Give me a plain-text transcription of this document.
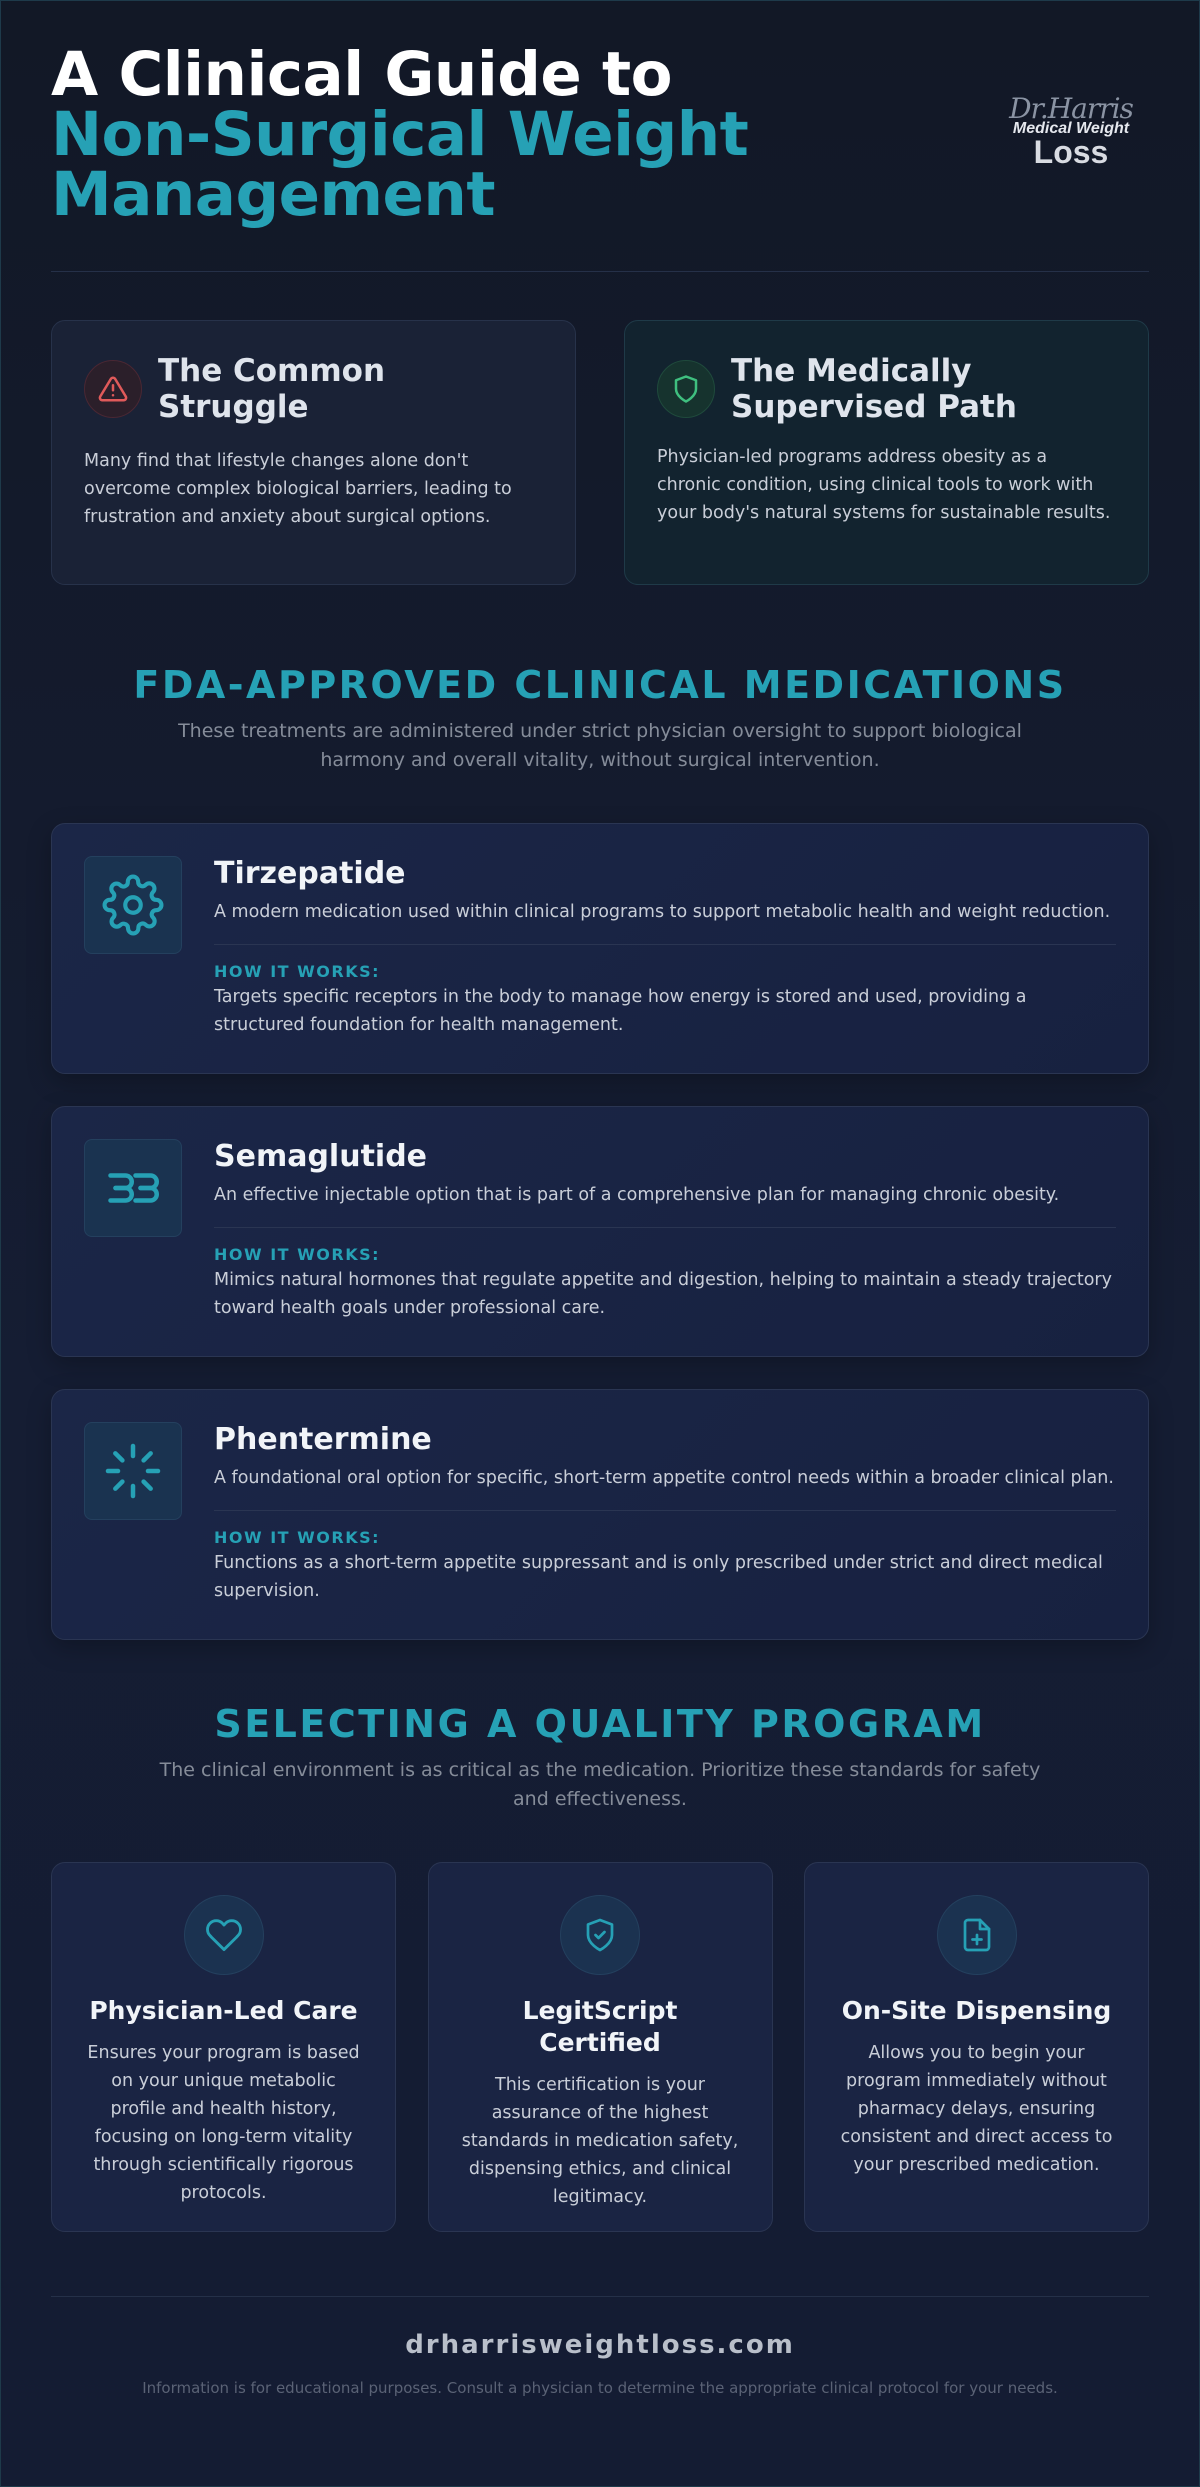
A Clinical Guide to
Non-Surgical Weight
Management
Dr.Harris
Medical Weight
Loss
The Common Struggle

Many find that lifestyle changes alone don't overcome complex biological barriers, leading to frustration and anxiety about surgical options.

The Medically Supervised Path

Physician-led programs address obesity as a chronic condition, using clinical tools to work with your body's natural systems for sustainable results.

FDA-APPROVED CLINICAL MEDICATIONS
These treatments are administered under strict physician oversight to support biological harmony and overall vitality, without surgical intervention.
Tirzepatide
A modern medication used within clinical programs to support metabolic health and weight reduction.
HOW IT WORKS:
Targets specific receptors in the body to manage how energy is stored and used, providing a structured foundation for health management.
Semaglutide
An effective injectable option that is part of a comprehensive plan for managing chronic obesity.
HOW IT WORKS:
Mimics natural hormones that regulate appetite and digestion, helping to maintain a steady trajectory toward health goals under professional care.
Phentermine
A foundational oral option for specific, short-term appetite control needs within a broader clinical plan.
HOW IT WORKS:
Functions as a short-term appetite suppressant and is only prescribed under strict and direct medical supervision.
SELECTING A QUALITY PROGRAM
The clinical environment is as critical as the medication. Prioritize these standards for safety and effectiveness.
Physician-Led Care
Ensures your program is based on your unique metabolic profile and health history, focusing on long-term vitality through scientifically rigorous protocols.
LegitScript Certified
This certification is your assurance of the highest standards in medication safety, dispensing ethics, and clinical legitimacy.
On-Site Dispensing
Allows you to begin your program immediately without pharmacy delays, ensuring consistent and direct access to your prescribed medication.
drharrisweightloss.com
Information is for educational purposes. Consult a physician to determine the appropriate clinical protocol for your needs.
